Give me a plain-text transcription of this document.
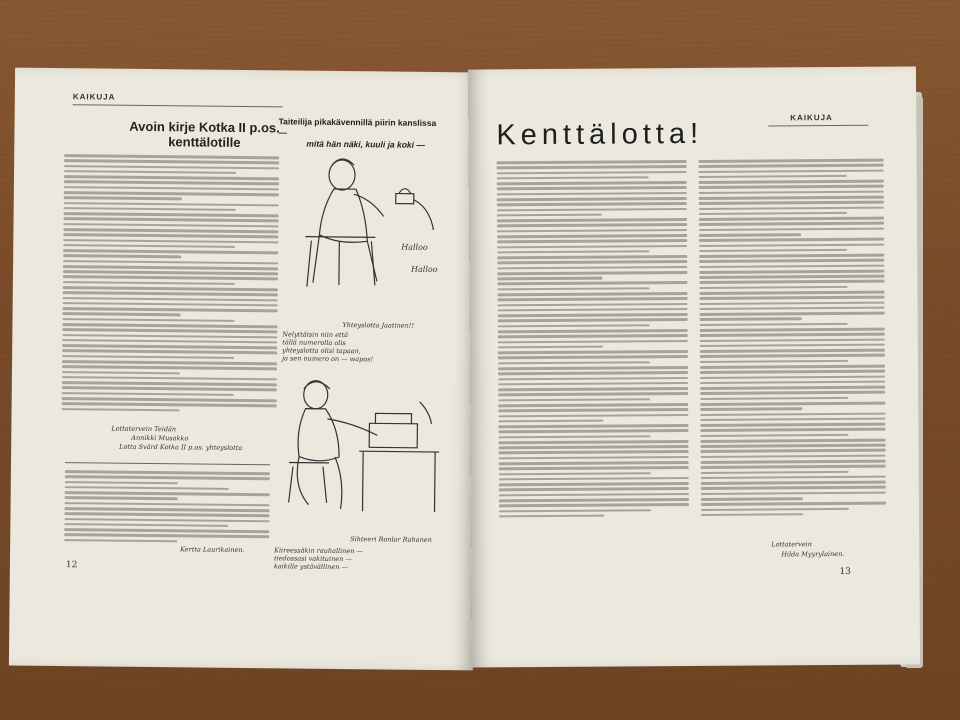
KAIKUJA
Avoin kirje Kotka II p.os.
kenttälotille
Taiteilija pikakävennillä piirin kanslissa —
mitä hän näki, kuuli ja koki —
Halloo
Halloo
Yhteyslotta Jaatinen!!
Nelyttäisin niin että
tällä numerolla olis
yhteyslotta olisi tapaan,
ja sen numero on — wapos!
Sihteeri Ronlar Rahanen
Kiireessäkin rauhallinen —
tiedossasi vakituinen —
kaikille ystävällinen —
Lottatervein Teidän
Annikki Musakko
Lotta Svärd Kotka II p.os. yhteyslotta
Kertta Laurikainen.
12
KAIKUJA
Kenttälotta!
Lottatervein
Hilda Myyrylainen.
13
